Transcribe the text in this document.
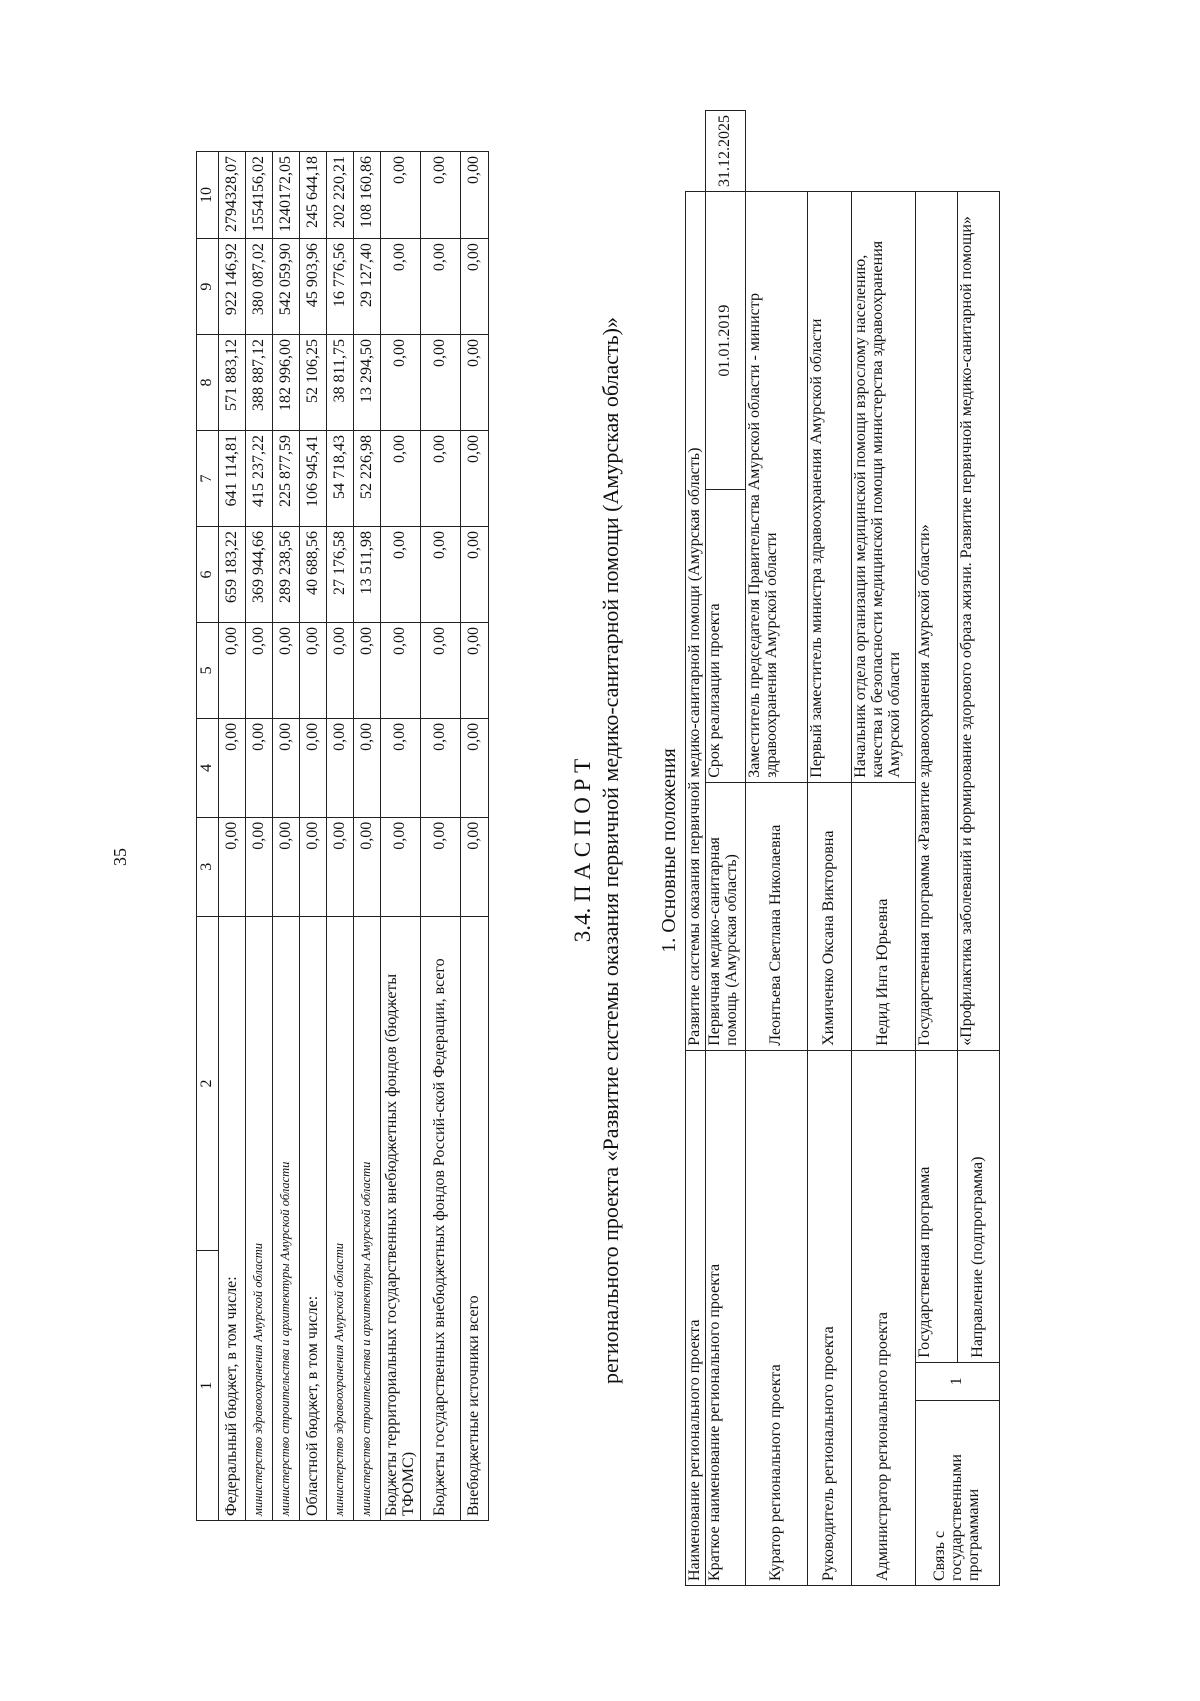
35
1	2	3	4	5	6	7	8	9	10
Федеральный бюджет, в том числе:		0,00	0,00	0,00	659 183,22	641 114,81	571 883,12	922 146,92	2794328,07
министерство здравоохранения Амурской области		0,00	0,00	0,00	369 944,66	415 237,22	388 887,12	380 087,02	1554156,02
министерство строительства и архитектуры Амурской области		0,00	0,00	0,00	289 238,56	225 877,59	182 996,00	542 059,90	1240172,05
Областной бюджет, в том числе:		0,00	0,00	0,00	40 688,56	106 945,41	52 106,25	45 903,96	245 644,18
министерство здравоохранения Амурской области		0,00	0,00	0,00	27 176,58	54 718,43	38 811,75	16 776,56	202 220,21
министерство строительства и архитектуры Амурской области		0,00	0,00	0,00	13 511,98	52 226,98	13 294,50	29 127,40	108 160,86
Бюджеты территориальных государственных внебюджетных фондов (бюджеты ТФОМС)		0,00	0,00	0,00	0,00	0,00	0,00	0,00	0,00
Бюджеты государственных внебюджетных фондов Россий-ской Федерации, всего		0,00	0,00	0,00	0,00	0,00	0,00	0,00	0,00
Внебюджетные источники всего		0,00	0,00	0,00	0,00	0,00	0,00	0,00	0,00
3.4. П А С П О Р Т регионального проекта «Развитие системы оказания первичной медико-санитарной помощи (Амурская область)» 1. Основные положения
Наименование регионального проекта			Развитие системы оказания первичной медико-санитарной помощи (Амурская область)			
Краткое наименование регионального проекта			Первичная медико-санитарная помощь (Амурская область)	Срок реализации проекта	01.01.2019	31.12.2025
Куратор регионального проекта			Леонтьева Светлана Николаевна	Заместитель председателя Правительства Амурской области - министр здравоохранения Амурской области		
Руководитель регионального проекта			Химиченко Оксана Викторовна	Первый заместитель министра здравоохранения Амурской области		
Администратор регионального проекта			Недид Инга Юрьевна	Начальник отдела организации медицинской помощи взрослому населению, качества и безопасности медицинской помощи министерства здравоохранения Амурской области		
Связь с государственными программами	1	Государственная программа	Государственная программа «Развитие здравоохранения Амурской области»			
		Направление (подпрограмма)	«Профилактика заболеваний и формирование здорового образа жизни. Развитие первичной медико-санитарной помощи»			
